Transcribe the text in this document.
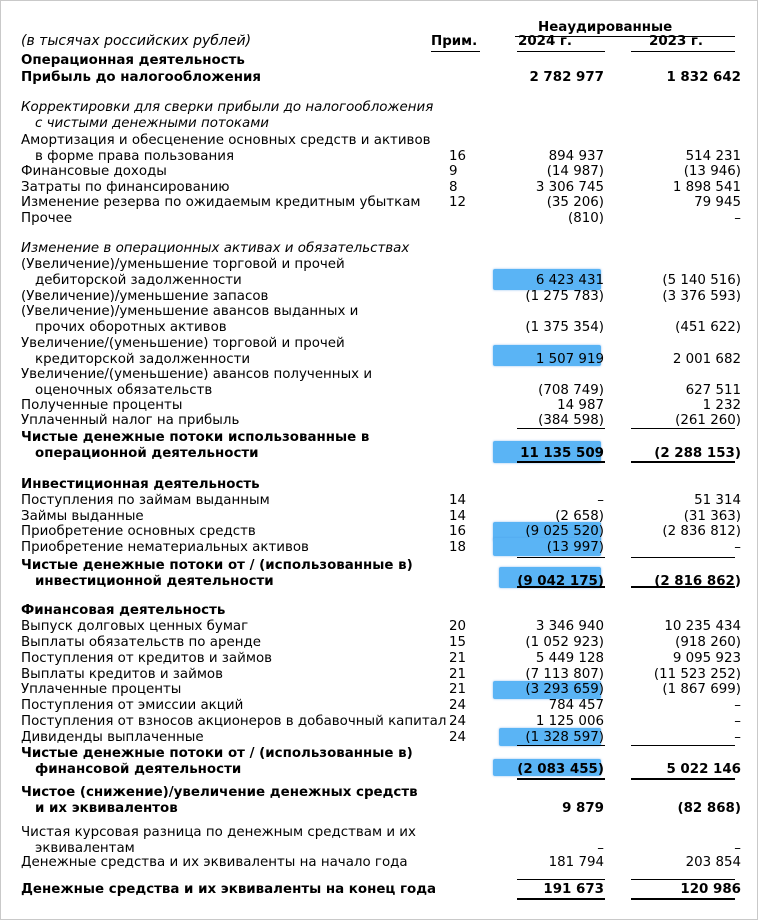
Неаудированные
(в тысячах российских рублей)	Прим.	2024 г.	2023 г.
Операционная деятельность
Прибыль до налогообложения	2 782 977	1 832 642
Корректировки для сверки прибыли до налогообложения
с чистыми денежными потоками
Амортизация и обесценение основных средств и активов
в форме права пользования	16	894 937	514 231
Финансовые доходы	9	(14 987)	(13 946)
Затраты по финансированию	8	3 306 745	1 898 541
Изменение резерва по ожидаемым кредитным убыткам	12	(35 206)	79 945
Прочее	(810)	–
Изменение в операционных активах и обязательствах
(Увеличение)/уменьшение торговой и прочей
дебиторской задолженности	6 423 431	(5 140 516)
(Увеличение)/уменьшение запасов	(1 275 783)	(3 376 593)
(Увеличение)/уменьшение авансов выданных и
прочих оборотных активов	(1 375 354)	(451 622)
Увеличение/(уменьшение) торговой и прочей
кредиторской задолженности	1 507 919	2 001 682
Увеличение/(уменьшение) авансов полученных и
оценочных обязательств	(708 749)	627 511
Полученные проценты	14 987	1 232
Уплаченный налог на прибыль	(384 598)	(261 260)
Чистые денежные потоки использованные в
операционной деятельности	11 135 509	(2 288 153)
Инвестиционная деятельность
Поступления по займам выданным	14	–	51 314
Займы выданные	14	(2 658)	(31 363)
Приобретение основных средств	16	(9 025 520)	(2 836 812)
Приобретение нематериальных активов	18	(13 997)	–
Чистые денежные потоки от / (использованные в)
инвестиционной деятельности	(9 042 175)	(2 816 862)
Финансовая деятельность
Выпуск долговых ценных бумаг	20	3 346 940	10 235 434
Выплаты обязательств по аренде	15	(1 052 923)	(918 260)
Поступления от кредитов и займов	21	5 449 128	9 095 923
Выплаты кредитов и займов	21	(7 113 807)	(11 523 252)
Уплаченные проценты	21	(3 293 659)	(1 867 699)
Поступления от эмиссии акций	24	784 457	–
Поступления от взносов акционеров в добавочный капитал 24	1 125 006	–
Дивиденды выплаченные	24	(1 328 597)	–
Чистые денежные потоки от / (использованные в)
финансовой деятельности	(2 083 455)	5 022 146
Чистое (снижение)/увеличение денежных средств
и их эквивалентов	9 879	(82 868)
Чистая курсовая разница по денежным средствам и их
эквивалентам	–	–
Денежные средства и их эквиваленты на начало года	181 794	203 854
Денежные средства и их эквиваленты на конец года	191 673	120 986
